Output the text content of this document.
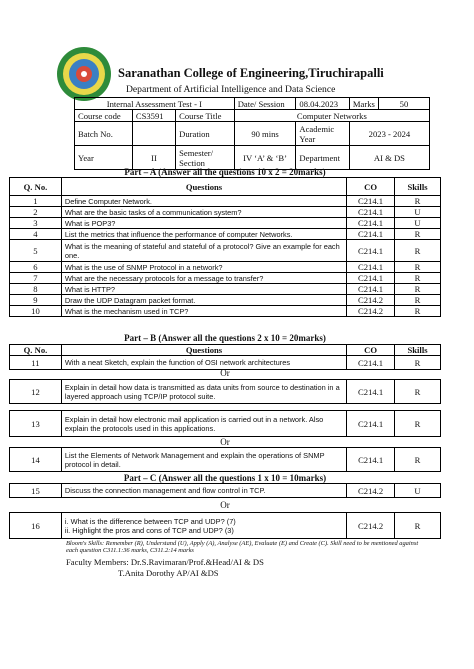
Saranathan College of Engineering,Tiruchirapalli
Department of Artificial Intelligence and Data Science
Internal Assessment Test - I			Date/ Session	08.04.2023	Marks	50
Course code	CS3591	Course Title	Computer Networks			
Batch No.		Duration	90 mins	Academic Year	2023 - 2024	
Year	II	Semester/ Section	IV ‘A’ & ‘B’	Department	AI & DS	
Part – A (Answer all the questions 10 x 2 = 20marks)
Q. No.	Questions	CO	Skills
1	Define Computer Network.	C214.1	R
2	What are the basic tasks of a communication system?	C214.1	U
3	What is POP3?	C214.1	U
4	List the metrics that influence the performance of computer Networks.	C214.1	R
5	What is the meaning of stateful and stateful of a protocol? Give an example for each one.	C214.1	R
6	What is the use of SNMP Protocol in a network?	C214.1	R
7	What are the necessary protocols for a message to transfer?	C214.1	R
8	What is HTTP?	C214.1	R
9	Draw the UDP Datagram packet format.	C214.2	R
10	What is the mechanism used in TCP?	C214.2	R
Part – B (Answer all the questions 2 x 10 = 20marks)
Q. No.	Questions	CO	Skills
11	With a neat Sketch, explain the function of OSI network architectures	C214.1	R
Or
12	Explain in detail how data is transmitted as data units from source to destination in a layered approach using TCP/IP protocol suite.	C214.1	R
13	Explain in detail how electronic mail application is carried out in a network. Also explain the protocols used in this applications.	C214.1	R
Or
14	List the Elements of Network Management and explain the operations of SNMP protocol in detail.	C214.1	R
Part – C (Answer all the questions 1 x 10 = 10marks)
15	Discuss the connection management and flow control in TCP.	C214.2	U
Or
16	i. What is the difference between TCP and UDP? (7)
ii. Highlight the pros and cons of TCP and UDP? (3)	C214.2	R
Bloom's Skills: Remember (R), Understand (U), Apply (A), Analyse (AE), Evaluate (E) and Create (C). Skill need to be mentioned against each question C311.1:36 marks, C311.2:14 marks
Faculty Members: Dr.S.Ravimaran/Prof.&Head/AI & DS
T.Anita Dorothy AP/AI &DS
